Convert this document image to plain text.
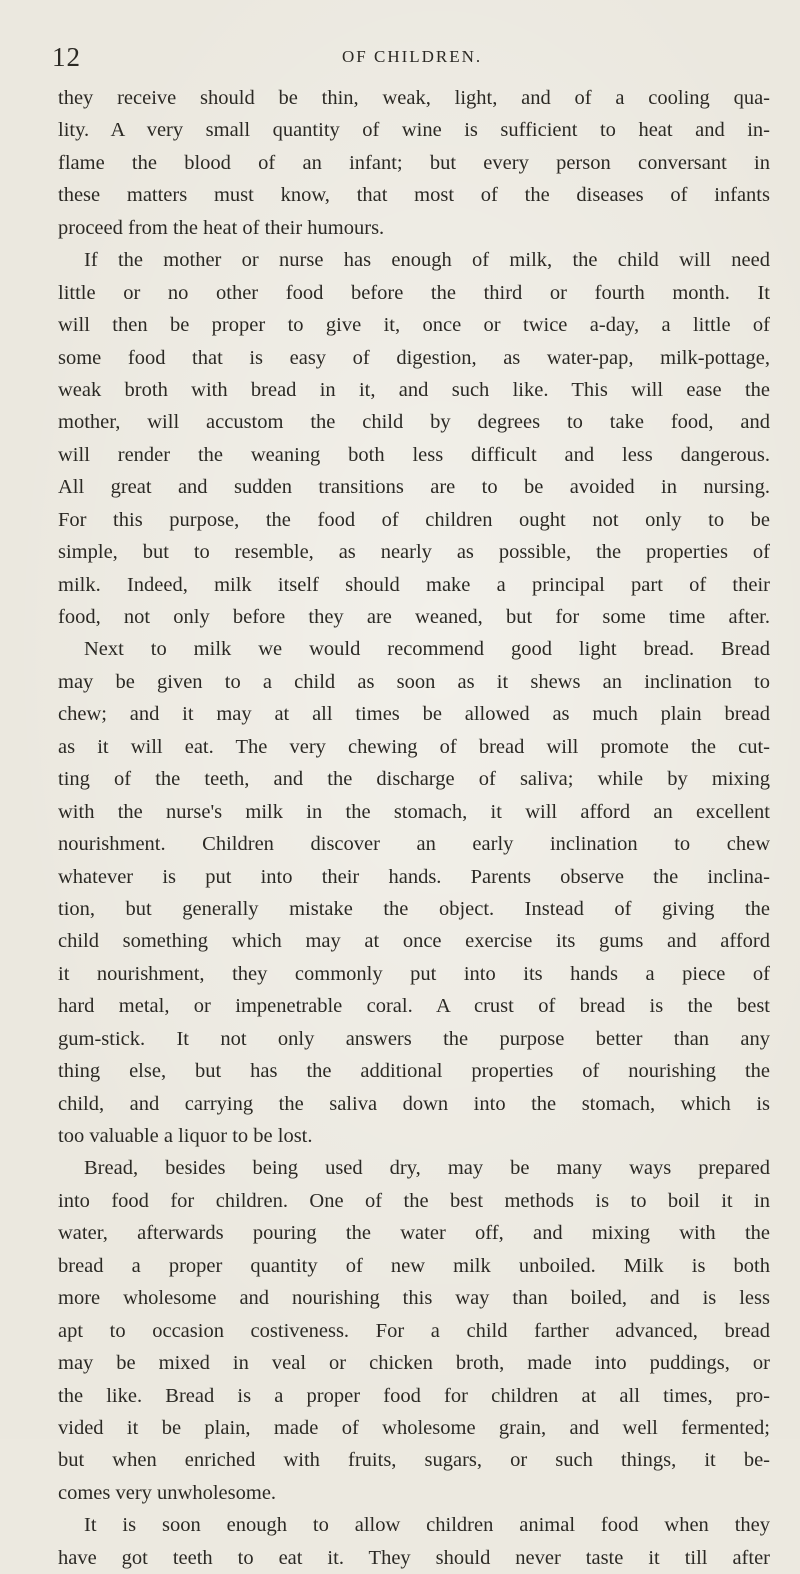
12	OF CHILDREN.
they receive should be thin, weak, light, and of a cooling qua-
lity. A very small quantity of wine is sufficient to heat and in-
flame the blood of an infant; but every person conversant in
these matters must know, that most of the diseases of infants
proceed from the heat of their humours.
If the mother or nurse has enough of milk, the child will need
little or no other food before the third or fourth month. It
will then be proper to give it, once or twice a-day, a little of
some food that is easy of digestion, as water-pap, milk-pottage,
weak broth with bread in it, and such like. This will ease the
mother, will accustom the child by degrees to take food, and
will render the weaning both less difficult and less dangerous.
All great and sudden transitions are to be avoided in nursing.
For this purpose, the food of children ought not only to be
simple, but to resemble, as nearly as possible, the properties of
milk. Indeed, milk itself should make a principal part of their
food, not only before they are weaned, but for some time after.
Next to milk we would recommend good light bread. Bread
may be given to a child as soon as it shews an inclination to
chew; and it may at all times be allowed as much plain bread
as it will eat. The very chewing of bread will promote the cut-
ting of the teeth, and the discharge of saliva; while by mixing
with the nurse's milk in the stomach, it will afford an excellent
nourishment. Children discover an early inclination to chew
whatever is put into their hands. Parents observe the inclina-
tion, but generally mistake the object. Instead of giving the
child something which may at once exercise its gums and afford
it nourishment, they commonly put into its hands a piece of
hard metal, or impenetrable coral. A crust of bread is the best
gum-stick. It not only answers the purpose better than any
thing else, but has the additional properties of nourishing the
child, and carrying the saliva down into the stomach, which is
too valuable a liquor to be lost.
Bread, besides being used dry, may be many ways prepared
into food for children. One of the best methods is to boil it in
water, afterwards pouring the water off, and mixing with the
bread a proper quantity of new milk unboiled. Milk is both
more wholesome and nourishing this way than boiled, and is less
apt to occasion costiveness. For a child farther advanced, bread
may be mixed in veal or chicken broth, made into puddings, or
the like. Bread is a proper food for children at all times, pro-
vided it be plain, made of wholesome grain, and well fermented;
but when enriched with fruits, sugars, or such things, it be-
comes very unwholesome.
It is soon enough to allow children animal food when they
have got teeth to eat it. They should never taste it till after
